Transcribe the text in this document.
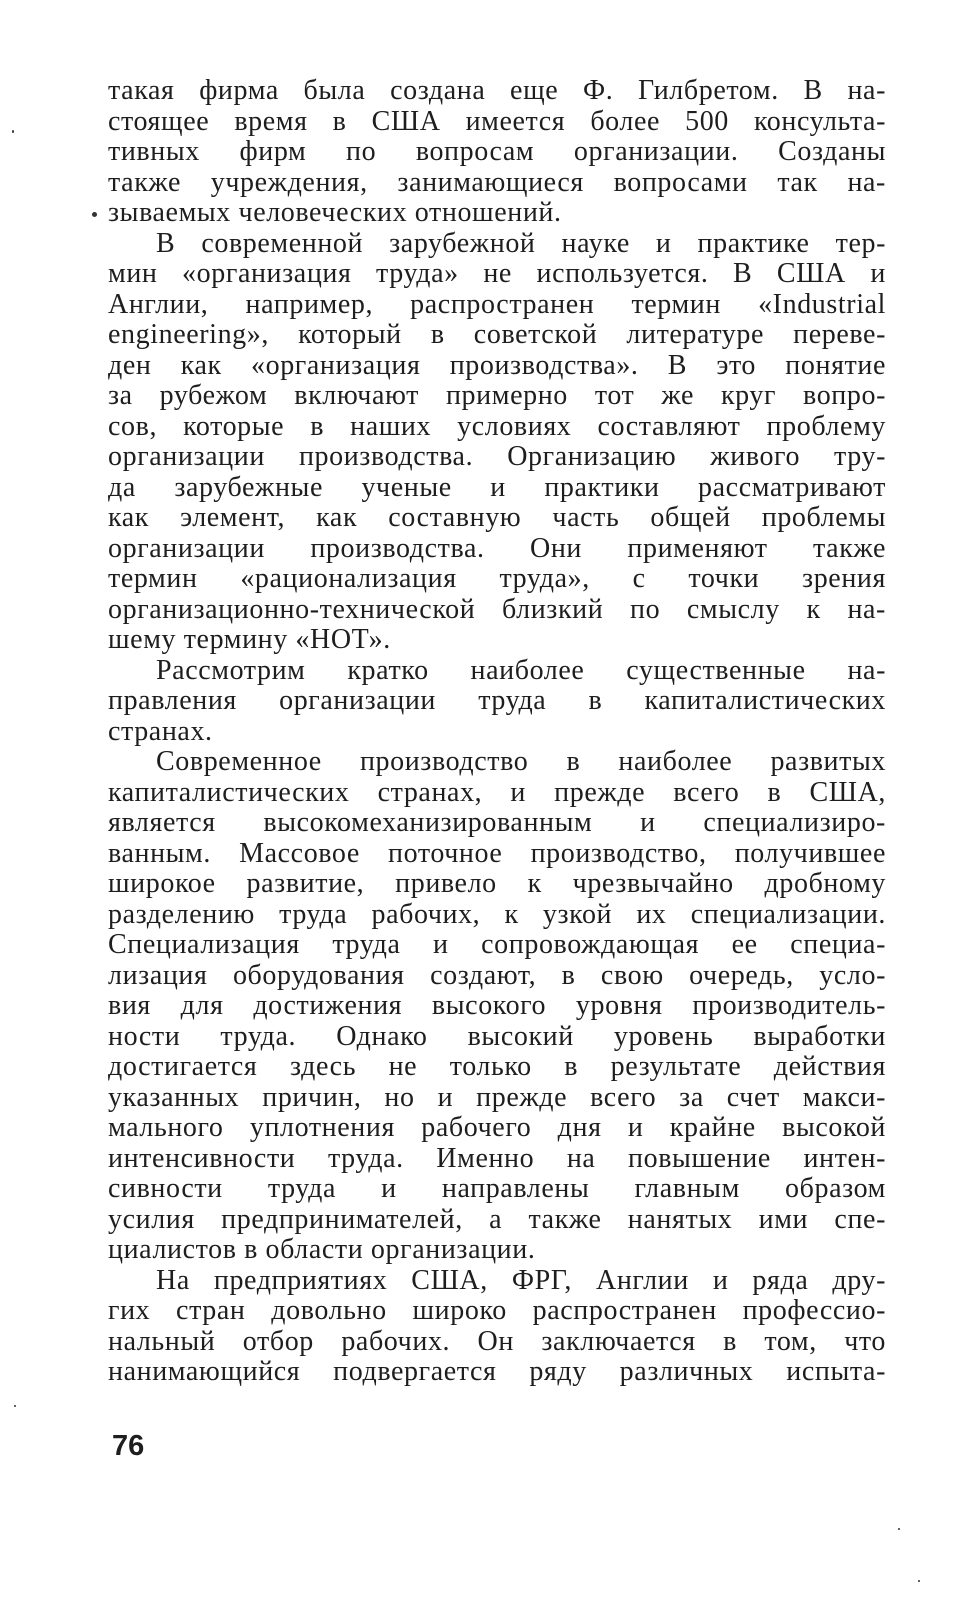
такая фирма была создана еще Ф. Гилбретом. В на-
стоящее время в США имеется более 500 консульта-
тивных фирм по вопросам организации. Созданы
также учреждения, занимающиеся вопросами так на-
зываемых человеческих отношений.
В современной зарубежной науке и практике тер-
мин «организация труда» не используется. В США и
Англии, например, распространен термин «Industrial
engineering», который в советской литературе переве-
ден как «организация производства». В это понятие
за рубежом включают примерно тот же круг вопро-
сов, которые в наших условиях составляют проблему
организации производства. Организацию живого тру-
да зарубежные ученые и практики рассматривают
как элемент, как составную часть общей проблемы
организации производства. Они применяют также
термин «рационализация труда», с точки зрения
организационно-технической близкий по смыслу к на-
шему термину «НОТ».
Рассмотрим кратко наиболее существенные на-
правления организации труда в капиталистических
странах.
Современное производство в наиболее развитых
капиталистических странах, и прежде всего в США,
является высокомеханизированным и специализиро-
ванным. Массовое поточное производство, получившее
широкое развитие, привело к чрезвычайно дробному
разделению труда рабочих, к узкой их специализации.
Специализация труда и сопровождающая ее специа-
лизация оборудования создают, в свою очередь, усло-
вия для достижения высокого уровня производитель-
ности труда. Однако высокий уровень выработки
достигается здесь не только в результате действия
указанных причин, но и прежде всего за счет макси-
мального уплотнения рабочего дня и крайне высокой
интенсивности труда. Именно на повышение интен-
сивности труда и направлены главным образом
усилия предпринимателей, а также нанятых ими спе-
циалистов в области организации.
На предприятиях США, ФРГ, Англии и ряда дру-
гих стран довольно широко распространен профессио-
нальный отбор рабочих. Он заключается в том, что
нанимающийся подвергается ряду различных испыта-
76
